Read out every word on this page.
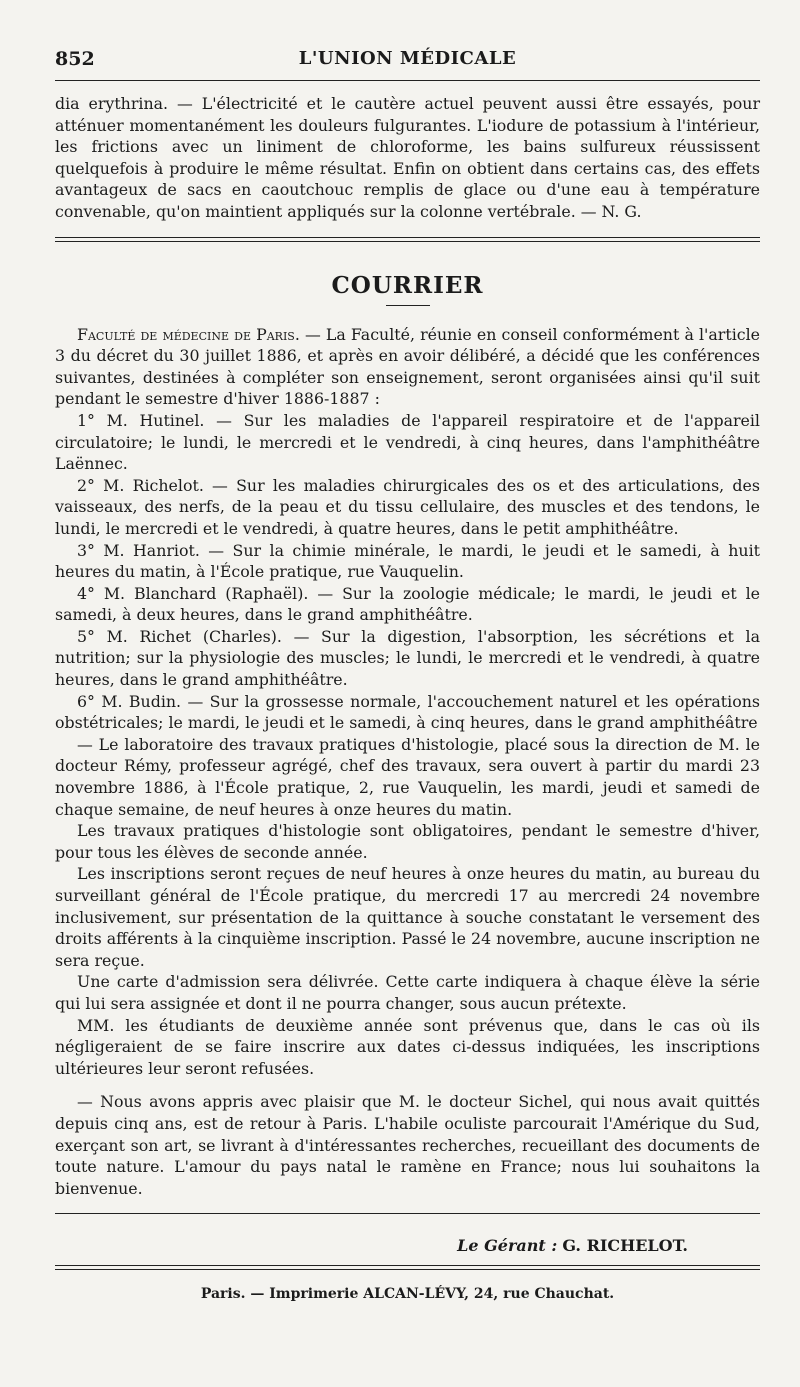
852	L'UNION MÉDICALE

dia erythrina. — L'électricité et le cautère actuel peuvent aussi être essayés, pour atténuer momentanément les douleurs fulgurantes. L'iodure de potassium à l'intérieur, les frictions avec un liniment de chloroforme, les bains sulfureux réussissent quelquefois à produire le même résultat. Enfin on obtient dans certains cas, des effets avantageux de sacs en caoutchouc remplis de glace ou d'une eau à température convenable, qu'on maintient appliqués sur la colonne vertébrale. — N. G.

COURRIER

Faculté de médecine de Paris. — La Faculté, réunie en conseil conformément à l'article 3 du décret du 30 juillet 1886, et après en avoir délibéré, a décidé que les conférences suivantes, destinées à compléter son enseignement, seront organisées ainsi qu'il suit pendant le semestre d'hiver 1886-1887 :

1° M. Hutinel. — Sur les maladies de l'appareil respiratoire et de l'appareil circulatoire; le lundi, le mercredi et le vendredi, à cinq heures, dans l'amphithéâtre Laënnec.

2° M. Richelot. — Sur les maladies chirurgicales des os et des articulations, des vaisseaux, des nerfs, de la peau et du tissu cellulaire, des muscles et des tendons, le lundi, le mercredi et le vendredi, à quatre heures, dans le petit amphithéâtre.

3° M. Hanriot. — Sur la chimie minérale, le mardi, le jeudi et le samedi, à huit heures du matin, à l'École pratique, rue Vauquelin.

4° M. Blanchard (Raphaël). — Sur la zoologie médicale; le mardi, le jeudi et le samedi, à deux heures, dans le grand amphithéâtre.

5° M. Richet (Charles). — Sur la digestion, l'absorption, les sécrétions et la nutrition; sur la physiologie des muscles; le lundi, le mercredi et le vendredi, à quatre heures, dans le grand amphithéâtre.

6° M. Budin. — Sur la grossesse normale, l'accouchement naturel et les opérations obstétricales; le mardi, le jeudi et le samedi, à cinq heures, dans le grand amphithéâtre

— Le laboratoire des travaux pratiques d'histologie, placé sous la direction de M. le docteur Rémy, professeur agrégé, chef des travaux, sera ouvert à partir du mardi 23 novembre 1886, à l'École pratique, 2, rue Vauquelin, les mardi, jeudi et samedi de chaque semaine, de neuf heures à onze heures du matin.

Les travaux pratiques d'histologie sont obligatoires, pendant le semestre d'hiver, pour tous les élèves de seconde année.

Les inscriptions seront reçues de neuf heures à onze heures du matin, au bureau du surveillant général de l'École pratique, du mercredi 17 au mercredi 24 novembre inclusivement, sur présentation de la quittance à souche constatant le versement des droits afférents à la cinquième inscription. Passé le 24 novembre, aucune inscription ne sera reçue.

Une carte d'admission sera délivrée. Cette carte indiquera à chaque élève la série qui lui sera assignée et dont il ne pourra changer, sous aucun prétexte.

MM. les étudiants de deuxième année sont prévenus que, dans le cas où ils négligeraient de se faire inscrire aux dates ci-dessus indiquées, les inscriptions ultérieures leur seront refusées.

— Nous avons appris avec plaisir que M. le docteur Sichel, qui nous avait quittés depuis cinq ans, est de retour à Paris. L'habile oculiste parcourait l'Amérique du Sud, exerçant son art, se livrant à d'intéressantes recherches, recueillant des documents de toute nature. L'amour du pays natal le ramène en France; nous lui souhaitons la bienvenue.

Le Gérant : G. RICHELOT.
Paris. — Imprimerie ALCAN-LÉVY, 24, rue Chauchat.
